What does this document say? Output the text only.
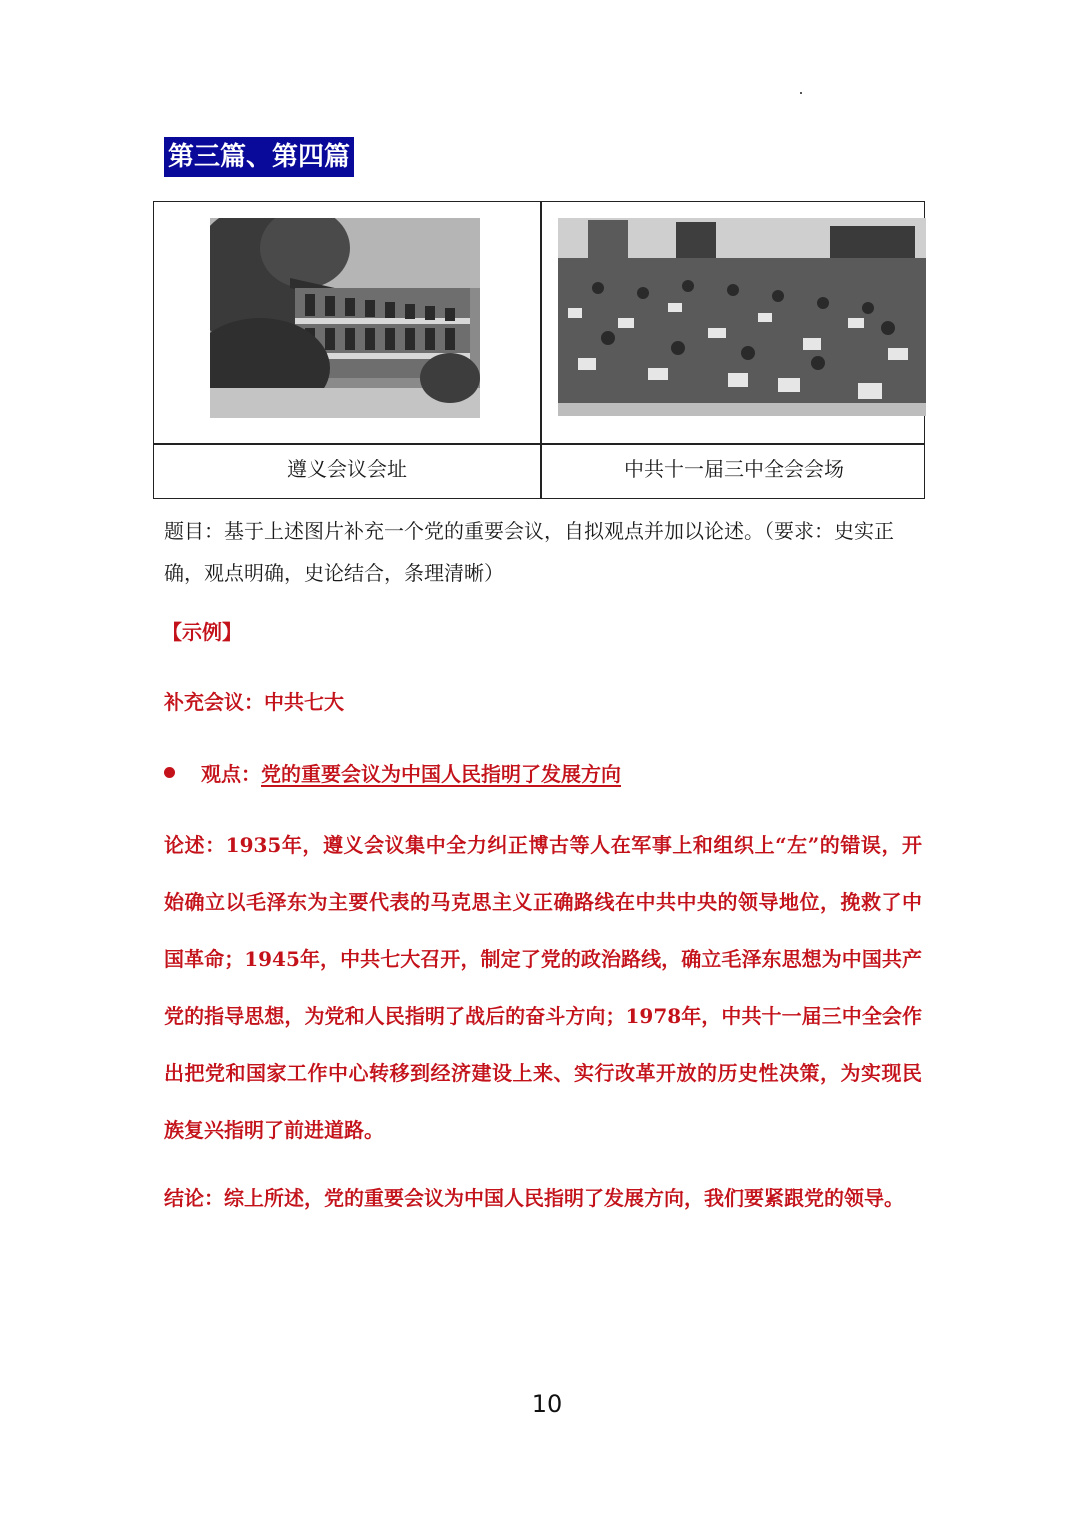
第三篇、第四篇
遵义会议会址	中共十一届三中全会会场
题目：基于上述图片补充一个党的重要会议，自拟观点并加以论述。（要求：史实正确，观点明确，史论结合，条理清晰）
【示例】
补充会议：中共七大
观点：党的重要会议为中国人民指明了发展方向
论述：1935年，遵义会议集中全力纠正博古等人在军事上和组织上“左”的错误，开始确立以毛泽东为主要代表的马克思主义正确路线在中共中央的领导地位，挽救了中国革命；1945年，中共七大召开，制定了党的政治路线，确立毛泽东思想为中国共产党的指导思想，为党和人民指明了战后的奋斗方向；1978年，中共十一届三中全会作出把党和国家工作中心转移到经济建设上来、实行改革开放的历史性决策，为实现民族复兴指明了前进道路。
结论：综上所述，党的重要会议为中国人民指明了发展方向，我们要紧跟党的领导。
10
